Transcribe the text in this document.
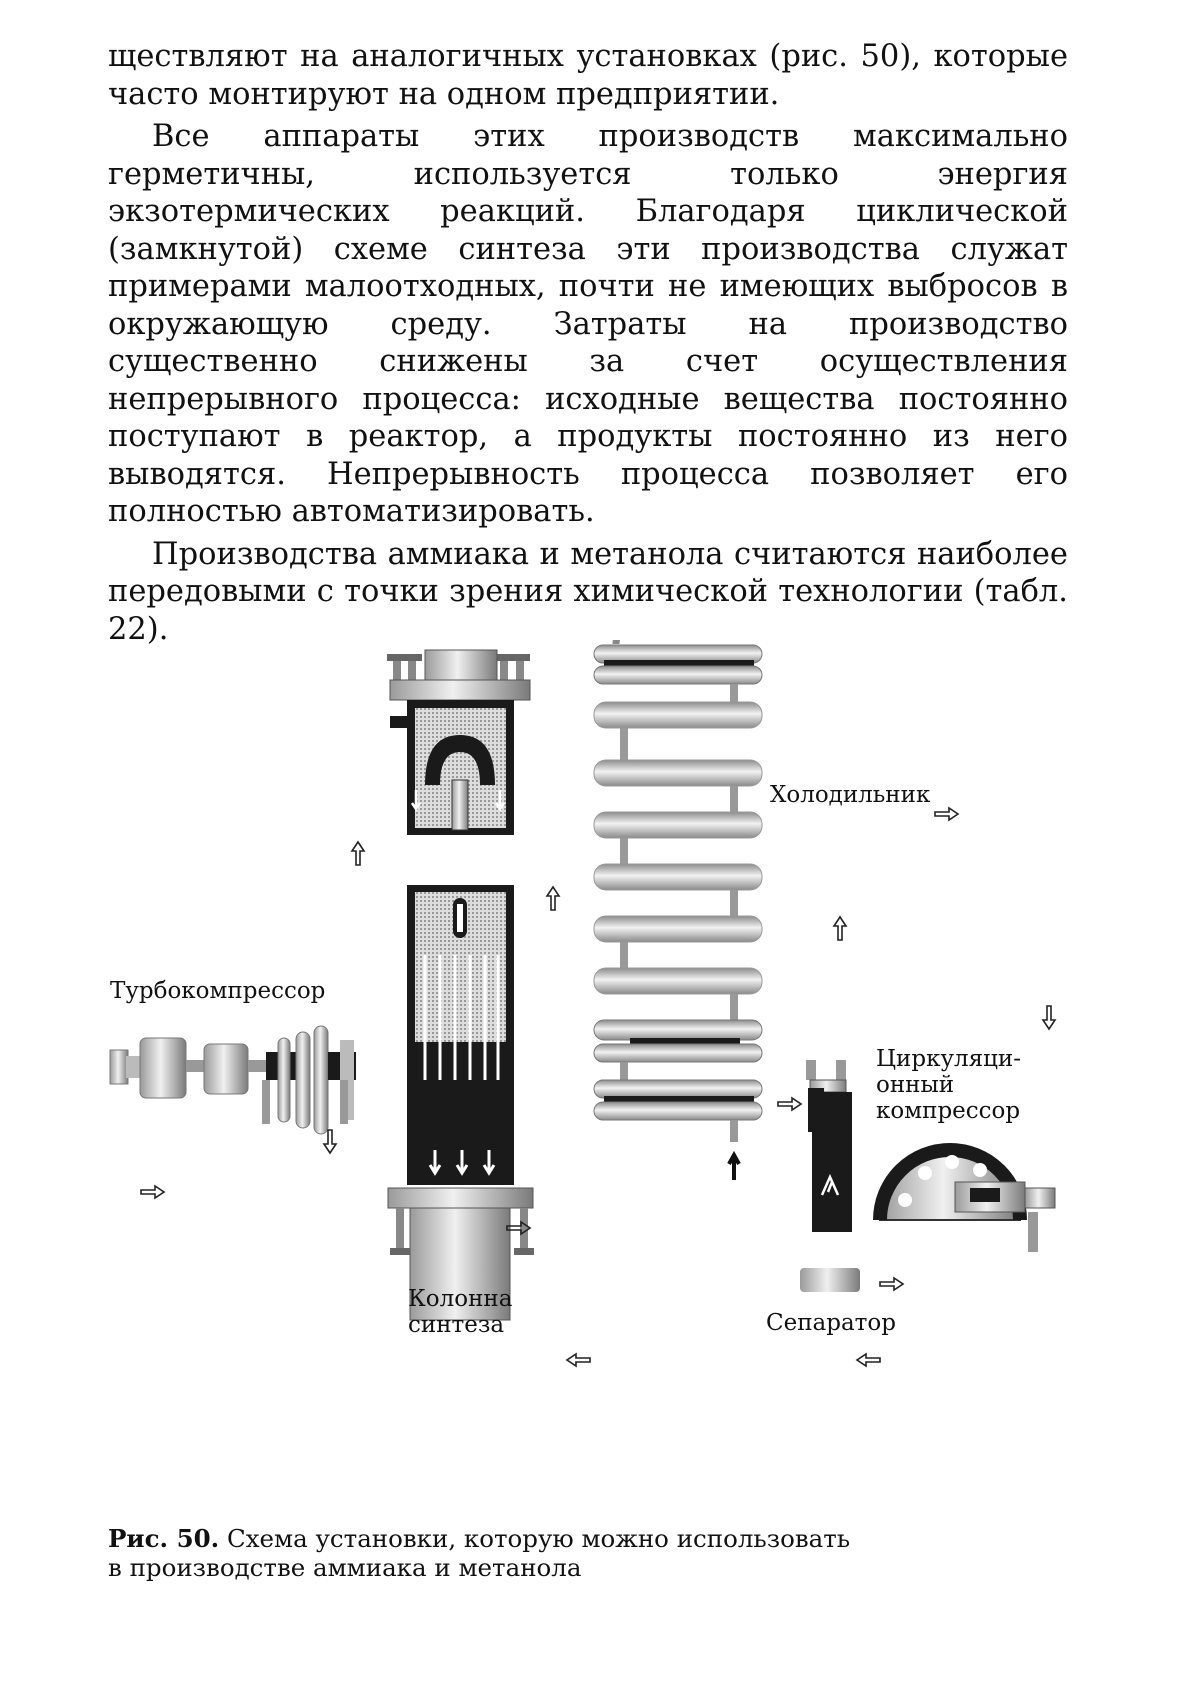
ществляют на аналогичных установках (рис. 50), которые часто монтируют на одном предприятии.

Все аппараты этих производств максимально герметичны, используется только энергия экзотермических реакций. Благодаря циклической (замкнутой) схеме синтеза эти производства служат примерами малоотходных, почти не имеющих выбросов в окружающую среду. Затраты на производство существенно снижены за счет осуществления непрерывного процесса: исходные вещества постоянно поступают в реактор, а продукты постоянно из него выводятся. Непрерывность процесса позволяет его полностью автоматизировать.

Производства аммиака и метанола считаются наиболее передовыми с точки зрения химической технологии (табл. 22).

Холодильник
Турбокомпрессор
Циркуляци-
онный
компрессор
Колонна
синтеза	Сепаратор
Рис. 50. Схема установки, которую можно использовать
в производстве аммиака и метанола
